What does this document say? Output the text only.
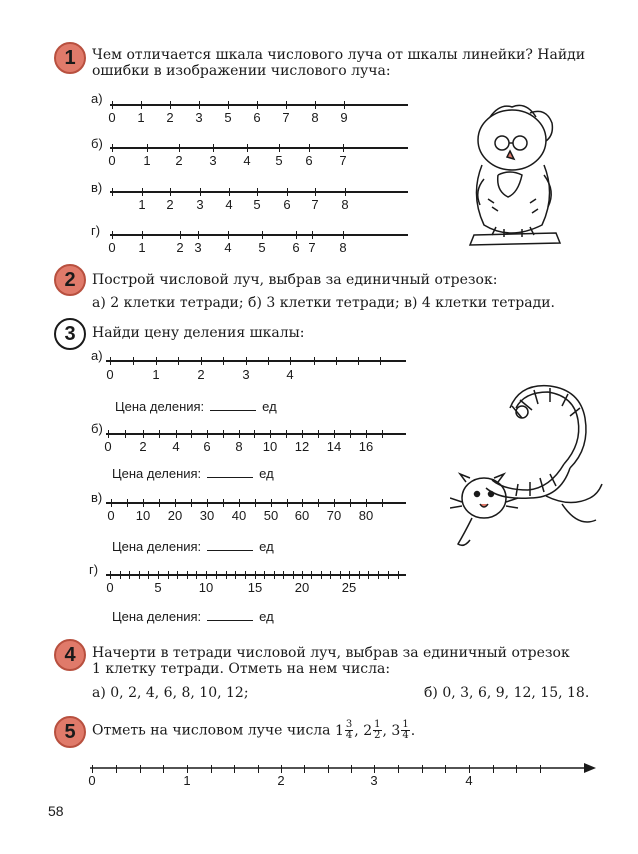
1	Чем отличается шкала числового луча от шкалы линейки? Найди
ошибки в изображении числового луча:
а)
0 1 2 3 5 6 7 8 9
б)
0 1 2 3 4 5 6 7
в)
1 2 3 4 5 6 7 8
г)
0 1 2 3 4 5 6 7 8
2	Построй числовой луч, выбрав за единичный отрезок:
а) 2 клетки тетради; б) 3 клетки тетради; в) 4 клетки тетради.
3	Найди цену деления шкалы:
а)
0	1	2	3	4
Цена деления:	ед
б)
0 2 4 6 8 10 12 14 16
Цена деления:	ед
в)
0 10 20 30 40 50 60 70 80
Цена деления:	ед
г)
0	5	10	15	20	25
Цена деления:	ед
4	Начерти в тетради числовой луч, выбрав за единичный отрезок
1 клетку тетради. Отметь на нем числа:
а) 0, 2, 4, 6, 8, 10, 12;	б) 0, 3, 6, 9, 12, 15, 18.
5	Отметь на числовом луче числа $1 \frac{3}{4}$ , $2 \frac{1}{2}$ , $3 \frac{1}{4}$ .
0	1	2	3	4
58
